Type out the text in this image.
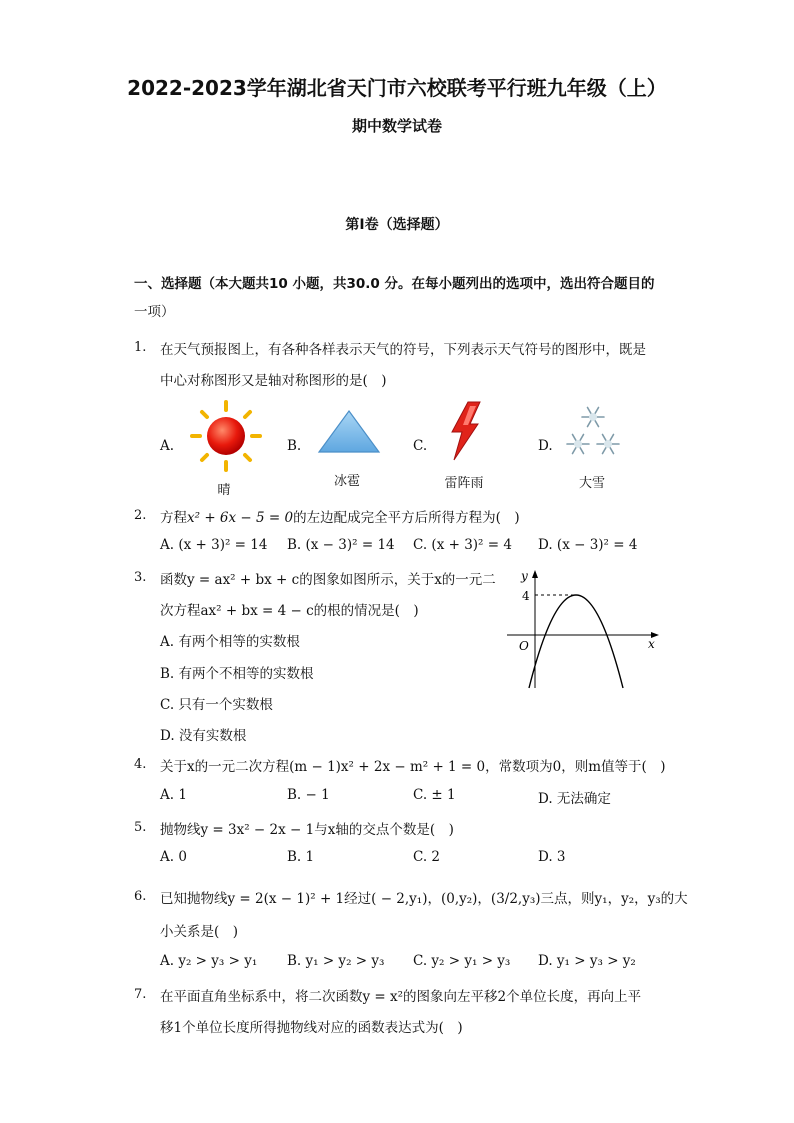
2022-2023学年湖北省天门市六校联考平行班九年级（上）
期中数学试卷
第I卷（选择题）
一、选择题（本大题共10 小题，共30.0 分。在每小题列出的选项中，选出符合题目的
一项）
1. 在天气预报图上，有各种各样表示天气的符号，下列表示天气符号的图形中，既是
中心对称图形又是轴对称图形的是(　)
A.
晴
B.
冰雹
C.
雷阵雨
D.
大雪
2. 方程x² + 6x − 5 = 0的左边配成完全平方后所得方程为(　)
A. (x + 3)² = 14 B. (x − 3)² = 14 C. (x + 3)² = 4 D. (x − 3)² = 4
3. 函数y = ax² + bx + c的图象如图所示，关于x的一元二
次方程ax² + bx = 4 − c的根的情况是(　)
A. 有两个相等的实数根
B. 有两个不相等的实数根
C. 只有一个实数根
D. 没有实数根
y
x
O
4
4. 关于x的一元二次方程(m − 1)x² + 2x − m² + 1 = 0，常数项为0，则m值等于(　)
A. 1	B. − 1	C. ± 1	D. 无法确定
5. 抛物线y = 3x² − 2x − 1与x轴的交点个数是(　)
A. 0	B. 1	C. 2	D. 3
6. 已知抛物线y = 2(x − 1)² + 1经过( − 2,y₁)，(0,y₂)，(3/2,y₃)三点，则y₁，y₂，y₃的大
小关系是(　)
A. y₂ > y₃ > y₁ B. y₁ > y₂ > y₃ C. y₂ > y₁ > y₃ D. y₁ > y₃ > y₂
7. 在平面直角坐标系中，将二次函数y = x²的图象向左平移2个单位长度，再向上平
移1个单位长度所得抛物线对应的函数表达式为(　)
